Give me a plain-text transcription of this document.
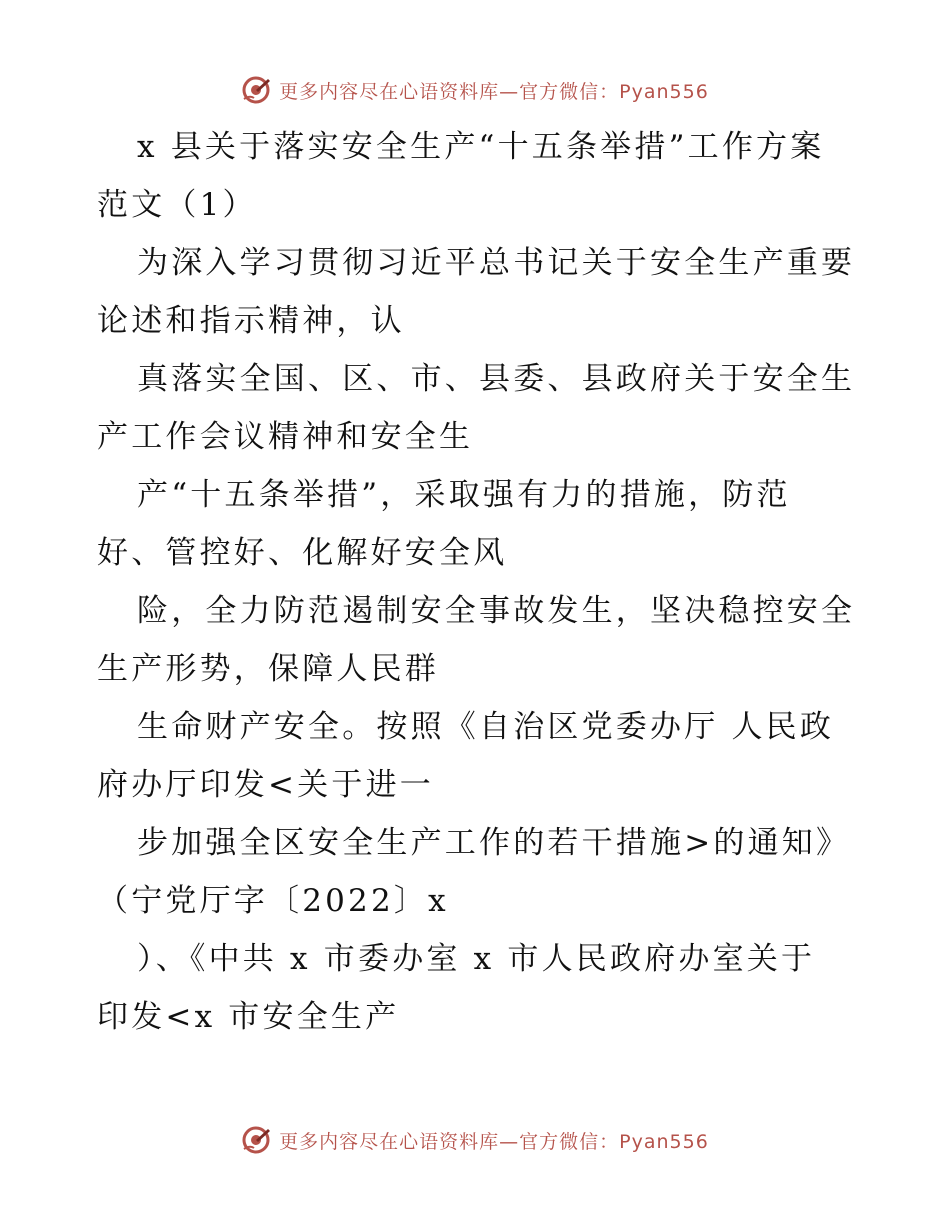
更多内容尽在心语资料库—官方微信：Pyan556

x 县关于落实安全生产“十五条举措”工作方案

范文（1）

为深入学习贯彻习近平总书记关于安全生产重要

论述和指示精神，认

真落实全国、区、市、县委、县政府关于安全生

产工作会议精神和安全生

产“十五条举措”，采取强有力的措施，防范

好、管控好、化解好安全风

险，全力防范遏制安全事故发生，坚决稳控安全

生产形势，保障人民群

生命财产安全。按照《自治区党委办厅 人民政

府办厅印发<关于进一

步加强全区安全生产工作的若干措施>的通知》

（宁党厅字〔2022〕x

）、《中共 x 市委办室 x 市人民政府办室关于

印发<x 市安全生产

更多内容尽在心语资料库—官方微信：Pyan556
